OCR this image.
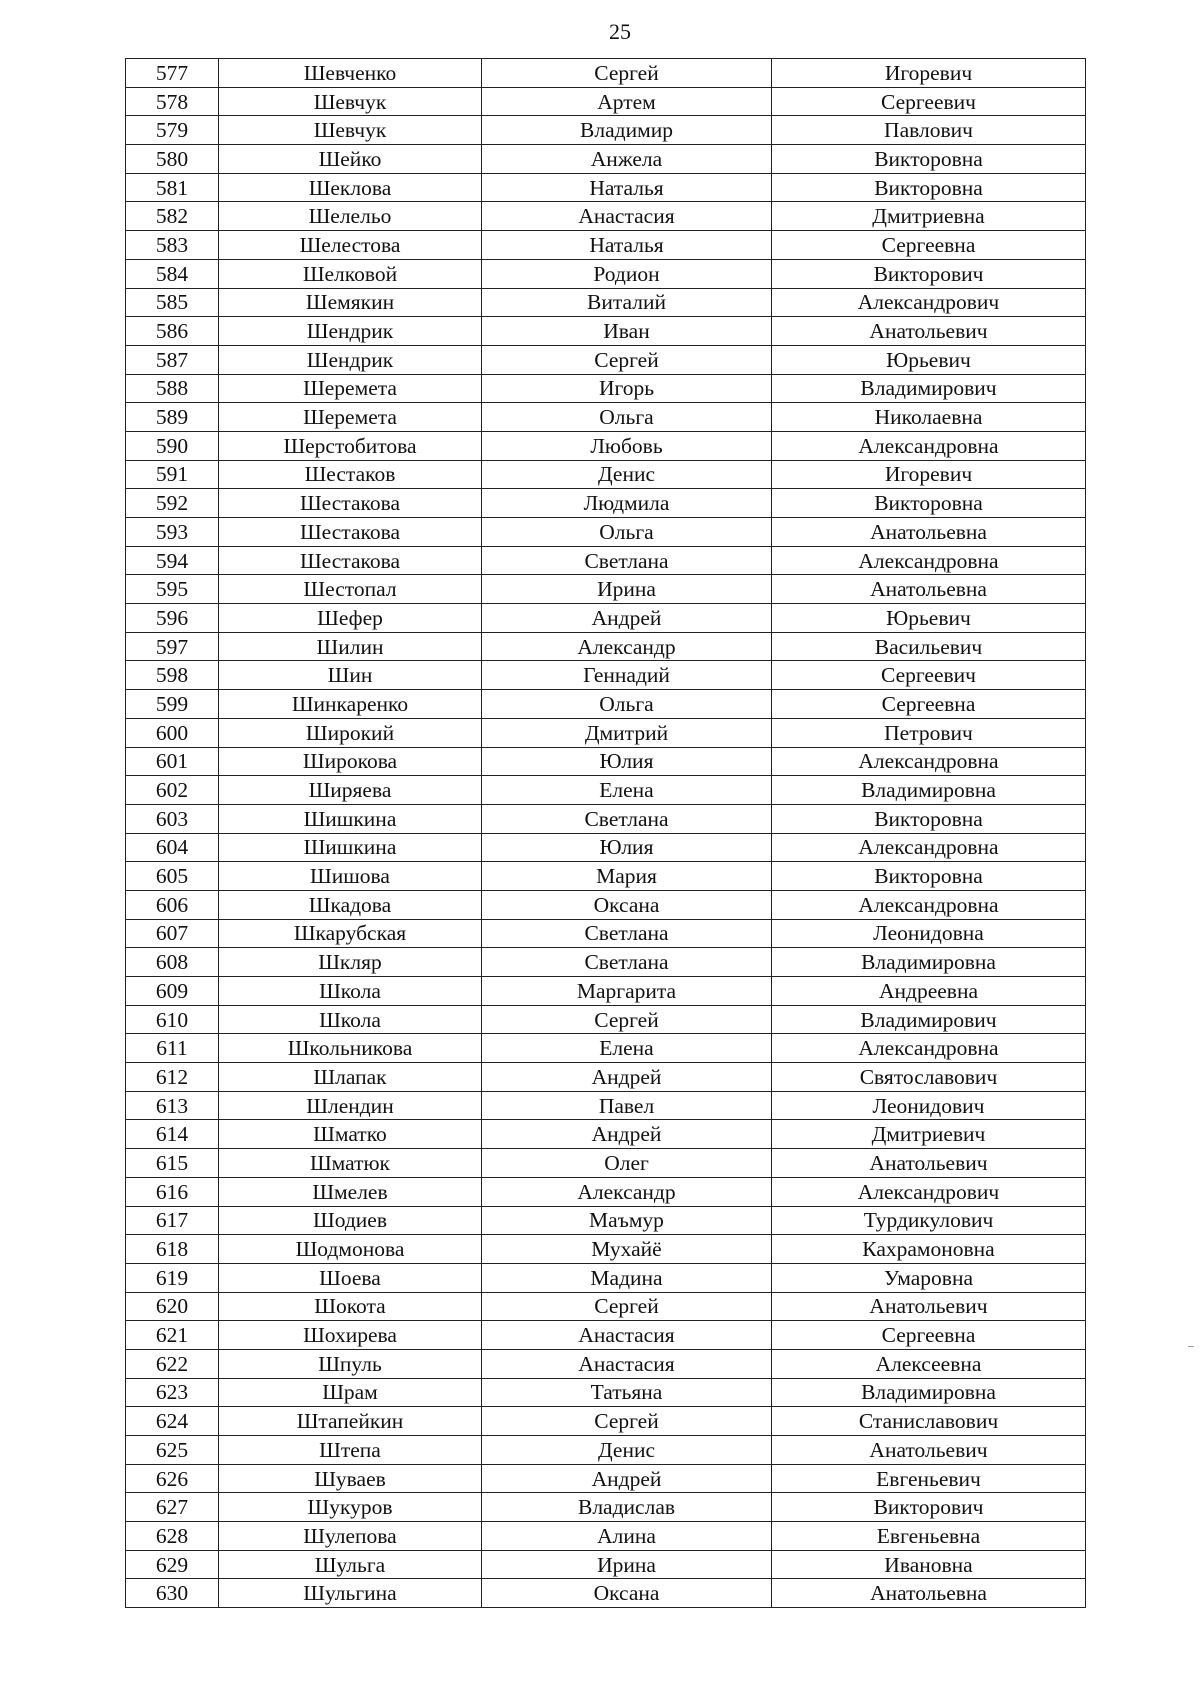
25
577	Шевченко	Сергей	Игоревич
578	Шевчук	Артем	Сергеевич
579	Шевчук	Владимир	Павлович
580	Шейко	Анжела	Викторовна
581	Шеклова	Наталья	Викторовна
582	Шелельо	Анастасия	Дмитриевна
583	Шелестова	Наталья	Сергеевна
584	Шелковой	Родион	Викторович
585	Шемякин	Виталий	Александрович
586	Шендрик	Иван	Анатольевич
587	Шендрик	Сергей	Юрьевич
588	Шеремета	Игорь	Владимирович
589	Шеремета	Ольга	Николаевна
590	Шерстобитова	Любовь	Александровна
591	Шестаков	Денис	Игоревич
592	Шестакова	Людмила	Викторовна
593	Шестакова	Ольга	Анатольевна
594	Шестакова	Светлана	Александровна
595	Шестопал	Ирина	Анатольевна
596	Шефер	Андрей	Юрьевич
597	Шилин	Александр	Васильевич
598	Шин	Геннадий	Сергеевич
599	Шинкаренко	Ольга	Сергеевна
600	Широкий	Дмитрий	Петрович
601	Широкова	Юлия	Александровна
602	Ширяева	Елена	Владимировна
603	Шишкина	Светлана	Викторовна
604	Шишкина	Юлия	Александровна
605	Шишова	Мария	Викторовна
606	Шкадова	Оксана	Александровна
607	Шкарубская	Светлана	Леонидовна
608	Шкляр	Светлана	Владимировна
609	Школа	Маргарита	Андреевна
610	Школа	Сергей	Владимирович
611	Школьникова	Елена	Александровна
612	Шлапак	Андрей	Святославович
613	Шлендин	Павел	Леонидович
614	Шматко	Андрей	Дмитриевич
615	Шматюк	Олег	Анатольевич
616	Шмелев	Александр	Александрович
617	Шодиев	Маъмур	Турдикулович
618	Шодмонова	Мухайё	Кахрамоновна
619	Шоева	Мадина	Умаровна
620	Шокота	Сергей	Анатольевич
621	Шохирева	Анастасия	Сергеевна
622	Шпуль	Анастасия	Алексеевна
623	Шрам	Татьяна	Владимировна
624	Штапейкин	Сергей	Станиславович
625	Штепа	Денис	Анатольевич
626	Шуваев	Андрей	Евгеньевич
627	Шукуров	Владислав	Викторович
628	Шулепова	Алина	Евгеньевна
629	Шульга	Ирина	Ивановна
630	Шульгина	Оксана	Анатольевна
